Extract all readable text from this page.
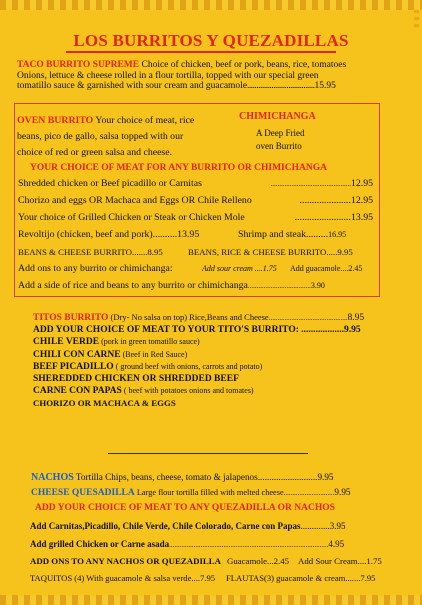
≡
≡
≡
LOS BURRITOS Y QUEZADILLAS
TACO BURRITO SUPREME Choice of chicken, beef or pork, beans, rice, tomatoes
Onions, lettuce & cheese rolled in a flour tortilla, topped with our special green
tomatillo sauce & garnished with sour cream and guacamole....................................15.95
OVEN BURRITO Your choice of meat, rice
beans, pico de gallo, salsa topped with our
choice of red or green salsa and cheese.
CHIMICHANGA
A Deep Fried
oven Burrito
YOUR CHOICE OF MEAT FOR ANY BURRITO OR CHIMICHANGA
Shredded chicken or Beef picadillo or Carnitas	..............................................12.95
Chorizo and eggs OR Machaca and Eggs OR Chile Relleno	.....................12.95
Your choice of Grilled Chicken or Steak or Chicken Mole	.......................13.95
Revoltijo (chicken, beef and pork)..........13.95	Shrimp and steak.........16.95
BEANS & CHEESE BURRITO.......8.95	BEANS, RICE & CHEESE BURRITO.....9.95
Add ons to any burrito or chimichanga:	Add sour cream ....1.75 Add guacamole....2.45
Add a side of rice and beans to any burrito or chimichanga....................................3.90
TITOS BURRITO (Dry- No salsa on top) Rice,Beans and Cheese.............................................8.95
ADD YOUR CHOICE OF MEAT TO YOUR TITO'S BURRITO: ..................9.95
CHILE VERDE (pork in green tomatillo sauce)
CHILI CON CARNE (Beef in Red Sauce)
BEEF PICADILLO ( ground beef with onions, carrots and potato)
SHEREDDED CHICKEN OR SHREDDED BEEF
CARNE CON PAPAS ( beef with potatoes onions and tomates)
CHORIZO OR MACHACA & EGGS
NACHOS Tortilla Chips, beans, cheese, tomato & jalapenos..........................9.95
CHEESE QUESADILLA Large flour tortilla filled with melted cheese.............................9.95
ADD YOUR CHOICE OF MEAT TO ANY QUEZADILLA OR NACHOS
Add Carnitas,Picadillo, Chile Verde, Chile Colorado, Carne con Papas.............3.95
Add grilled Chicken or Carne asada...........................................................................................4.95
ADD ONS TO ANY NACHOS OR QUEZADILLA Guacamole...2.45 Add Sour Cream....1.75
TAQUITOS (4) With guacamole & salsa verde....7.95 FLAUTAS(3) guacamole & cream.......7.95
